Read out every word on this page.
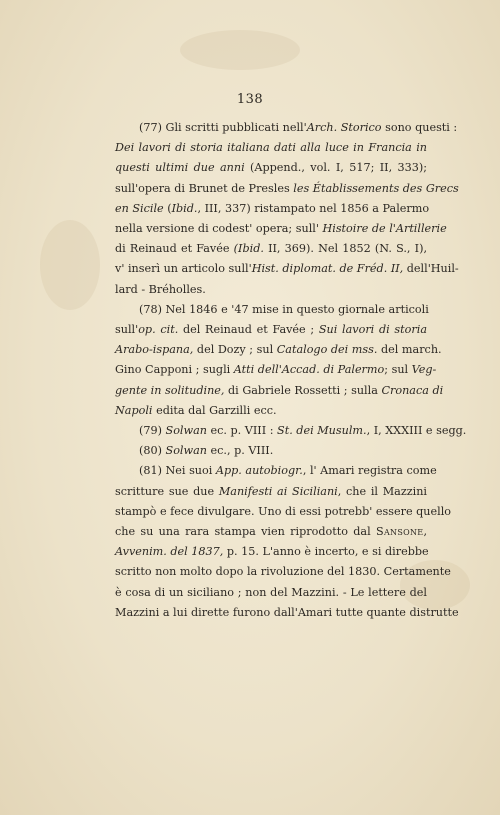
138
(77) Gli scritti pubblicati nell'Arch. Storico sono questi :
Dei lavori di storia italiana dati alla luce in Francia in
questi ultimi due anni (Append., vol. I, 517; II, 333);
sull'opera di Brunet de Presles les Établissements des Grecs
en Sicile (Ibid., III, 337) ristampato nel 1856 a Palermo
nella versione di codest' opera; sull' Histoire de l'Artillerie
di Reinaud et Favée (Ibid. II, 369). Nel 1852 (N. S., I),
v' inserì un articolo sull'Hist. diplomat. de Fréd. II, dell'Huil-
lard - Bréholles.
(78) Nel 1846 e '47 mise in questo giornale articoli
sull'op. cit. del Reinaud et Favée ; Sui lavori di storia
Arabo-ispana, del Dozy ; sul Catalogo dei mss. del march.
Gino Capponi ; sugli Atti dell'Accad. di Palermo; sul Veg-
gente in solitudine, di Gabriele Rossetti ; sulla Cronaca di
Napoli edita dal Garzilli ecc.
(79) Solwan ec. p. VIII : St. dei Musulm., I, XXXIII e segg.
(80) Solwan ec., p. VIII.
(81) Nei suoi App. autobiogr., l' Amari registra come
scritture sue due Manifesti ai Siciliani, che il Mazzini
stampò e fece divulgare. Uno di essi potrebb' essere quello
che su una rara stampa vien riprodotto dal Sansone,
Avvenim. del 1837, p. 15. L'anno è incerto, e si direbbe
scritto non molto dopo la rivoluzione del 1830. Certamente
è cosa di un siciliano ; non del Mazzini. - Le lettere del
Mazzini a lui dirette furono dall'Amari tutte quante distrutte
